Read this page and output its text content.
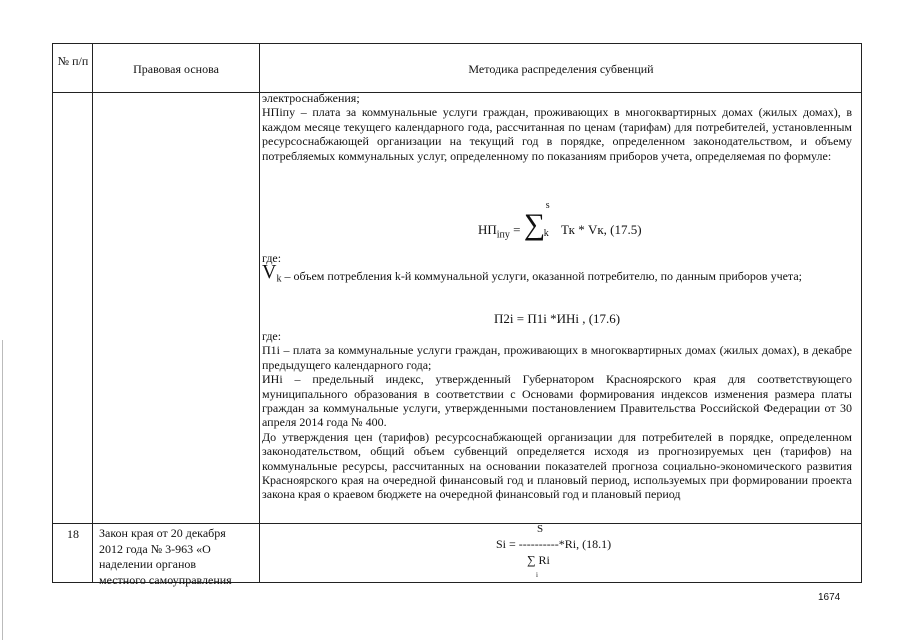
№ п/п
Правовая основа	Методика распределения субвенций

электроснабжения;

НПiпу – плата за коммунальные услуги граждан, проживающих в многоквартирных домах (жилых домах), в каждом месяце текущего календарного года, рассчитанная по ценам (тарифам) для потребителей, установленным ресурсоснабжающей организации на текущий год в порядке, определенном законодательством, и объему потребляемых коммунальных услуг, определенному по показаниям приборов учета, определяемая по формуле:

$НП_{iпу}$ = ∑
s
k Тк * Vк, (17.5)
где:
$V_k$ – объем потребления k-й коммунальной услуги, оказанной потребителю, по данным приборов учета;
П2i = П1i *ИНi , (17.6)

где:

П1i – плата за коммунальные услуги граждан, проживающих в многоквартирных домах (жилых домах), в декабре предыдущего календарного года;

ИНi – предельный индекс, утвержденный Губернатором Красноярского края для соответствующего муниципального образования в соответствии с Основами формирования индексов изменения размера платы граждан за коммунальные услуги, утвержденными постановлением Правительства Российской Федерации от 30 апреля 2014 года № 400.

До утверждения цен (тарифов) ресурсоснабжающей организации для потребителей в порядке, определенном законодательством, общий объем субвенций определяется исходя из прогнозируемых цен (тарифов) на коммунальные ресурсы, рассчитанных на основании показателей прогноза социально-экономического развития Красноярского края на очередной финансовый год и плановый период, используемых при формировании проекта закона края о краевом бюджете на очередной финансовый год и плановый период

18 Закон края от 20 декабря
2012 года № 3-963 «О
наделении органов
местного самоуправления
S
Si = ----------*Ri, (18.1)
∑ Ri
i
1674
